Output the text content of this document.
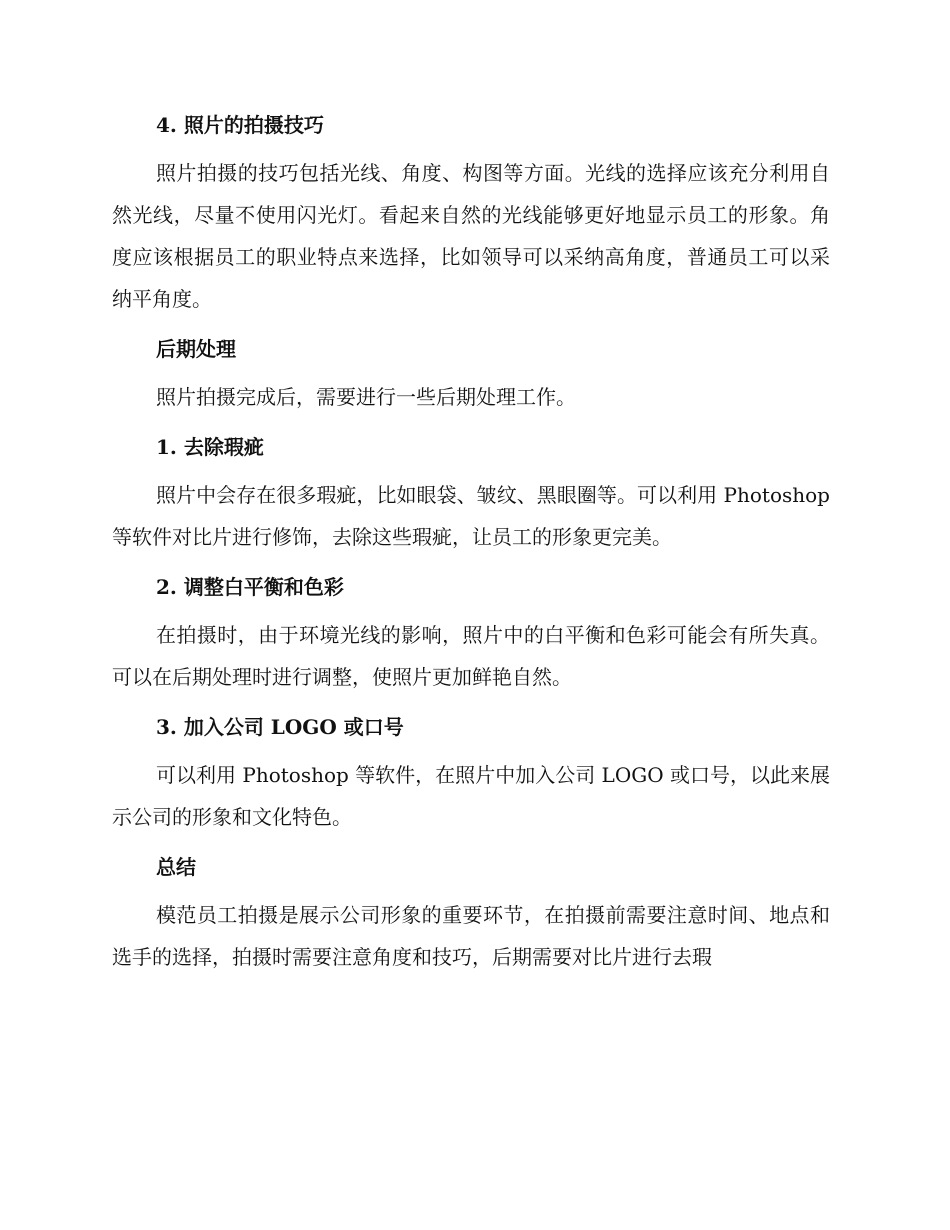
4. 照片的拍摄技巧

照片拍摄的技巧包括光线、角度、构图等方面。光线的选择应该充分利用自然光线，尽量不使用闪光灯。看起来自然的光线能够更好地显示员工的形象。角度应该根据员工的职业特点来选择，比如领导可以采纳高角度，普通员工可以采纳平角度。

后期处理

照片拍摄完成后，需要进行一些后期处理工作。

1. 去除瑕疵

照片中会存在很多瑕疵，比如眼袋、皱纹、黑眼圈等。可以利用 Photoshop 等软件对比片进行修饰，去除这些瑕疵，让员工的形象更完美。

2. 调整白平衡和色彩

在拍摄时，由于环境光线的影响，照片中的白平衡和色彩可能会有所失真。可以在后期处理时进行调整，使照片更加鲜艳自然。

3. 加入公司 LOGO 或口号

可以利用 Photoshop 等软件，在照片中加入公司 LOGO 或口号，以此来展示公司的形象和文化特色。

总结

模范员工拍摄是展示公司形象的重要环节，在拍摄前需要注意时间、地点和选手的选择，拍摄时需要注意角度和技巧，后期需要对比片进行去瑕
